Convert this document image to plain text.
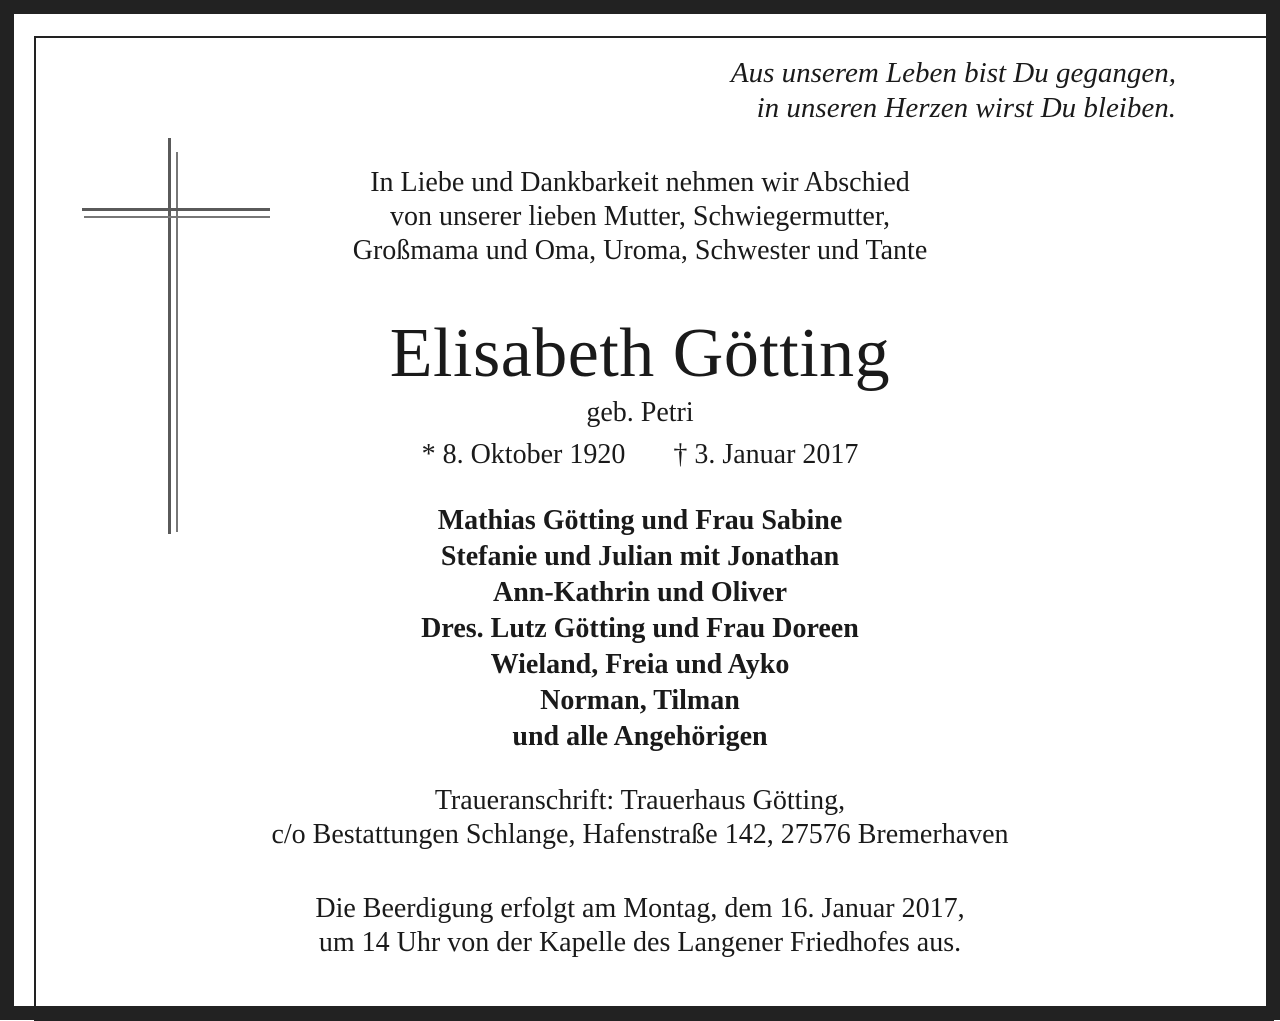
Aus unserem Leben bist Du gegangen,
in unseren Herzen wirst Du bleiben.
In Liebe und Dankbarkeit nehmen wir Abschied
von unserer lieben Mutter, Schwiegermutter,
Großmama und Oma, Uroma, Schwester und Tante
Elisabeth Götting
geb. Petri
* 8. Oktober 1920 † 3. Januar 2017
Mathias Götting und Frau Sabine
Stefanie und Julian mit Jonathan
Ann-Kathrin und Oliver
Dres. Lutz Götting und Frau Doreen
Wieland, Freia und Ayko
Norman, Tilman
und alle Angehörigen
Traueranschrift: Trauerhaus Götting,
c/o Bestattungen Schlange, Hafenstraße 142, 27576 Bremerhaven
Die Beerdigung erfolgt am Montag, dem 16. Januar 2017,
um 14 Uhr von der Kapelle des Langener Friedhofes aus.
